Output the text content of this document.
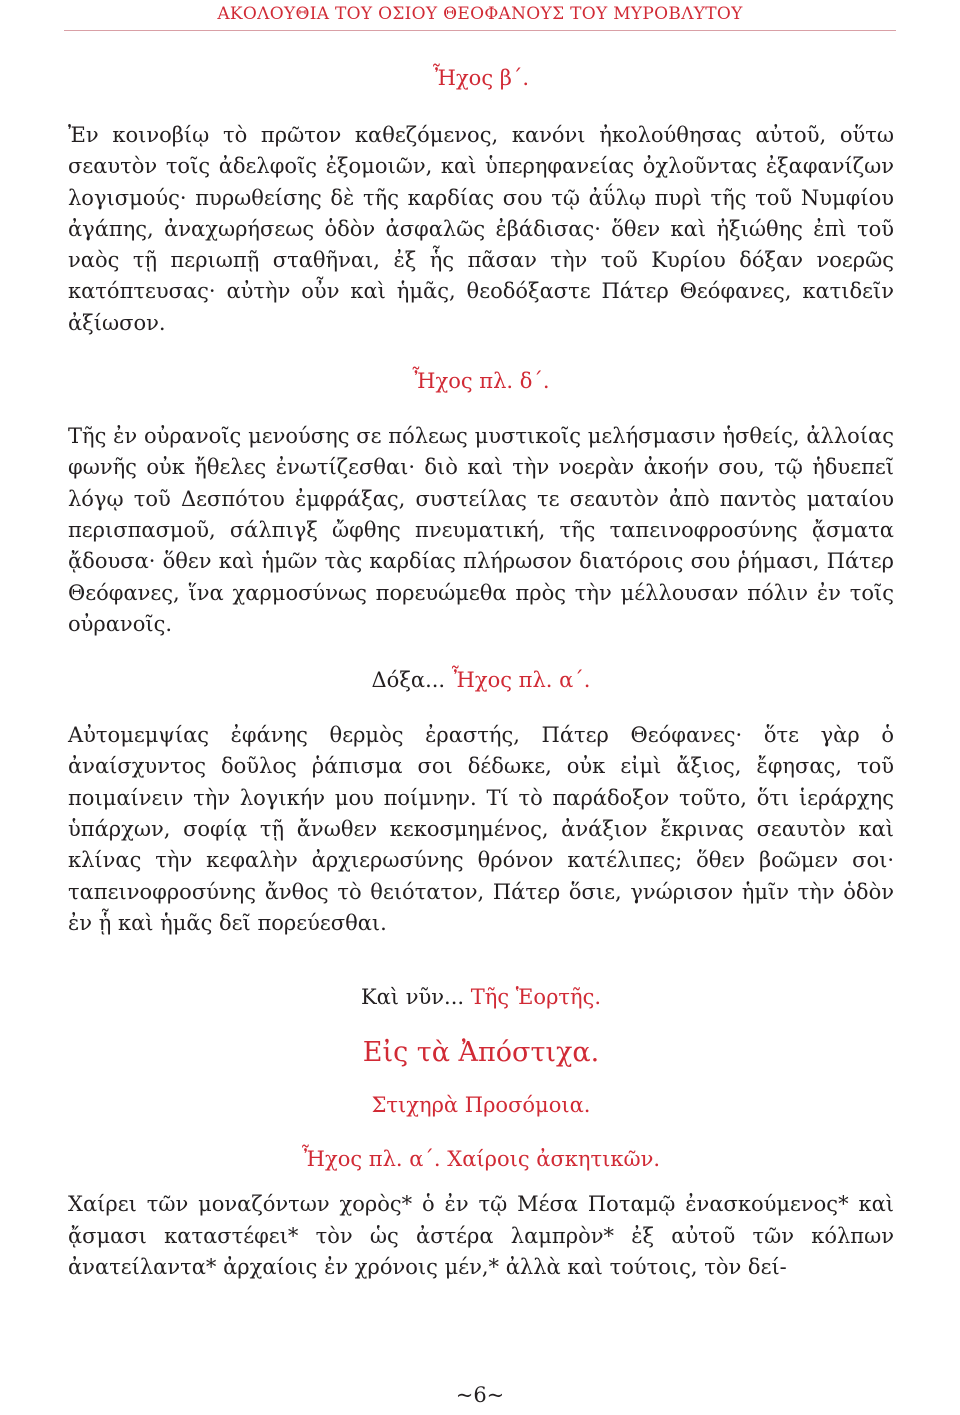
ΑΚΟΛΟΥΘΙΑ ΤΟΥ ΟΣΙΟΥ ΘΕΟΦΑΝΟΥΣ ΤΟΥ ΜΥΡΟΒΛΥΤΟΥ
Ἦχος β΄.

Ἐν κοινοβίῳ τὸ πρῶτον καθεζόμενος, κανόνι ἠκολούθησας αὐτοῦ, οὕτω σεαυτὸν τοῖς ἀδελφοῖς ἐξομοιῶν, καὶ ὑπερηφανείας ὀχλοῦντας ἐξαφανίζων λογισμούς· πυρωθείσης δὲ τῆς καρδίας σου τῷ ἀΰλῳ πυρὶ τῆς τοῦ Νυμφίου ἀγάπης, ἀναχωρήσεως ὁδὸν ἀσφαλῶς ἐβάδισας· ὅθεν καὶ ἠξιώθης ἐπὶ τοῦ ναὸς τῇ περιωπῇ σταθῆναι, ἐξ ἧς πᾶσαν τὴν τοῦ Κυρίου δόξαν νοερῶς κατόπτευσας· αὐτὴν οὖν καὶ ἡμᾶς, θεοδόξαστε Πάτερ Θεόφανες, κατιδεῖν ἀξίωσον.

Ἦχος πλ. δ΄.

Τῆς ἐν οὐρανοῖς μενούσης σε πόλεως μυστικοῖς μελήσμασιν ἡσθείς, ἀλλοίας φωνῆς οὐκ ἤθελες ἐνωτίζεσθαι· διὸ καὶ τὴν νοερὰν ἀκοήν σου, τῷ ἡδυεπεῖ λόγῳ τοῦ Δεσπότου ἐμφράξας, συστείλας τε σεαυτὸν ἀπὸ παντὸς ματαίου περισπασμοῦ, σάλπιγξ ὤφθης πνευματική, τῆς ταπεινοφροσύνης ᾄσματα ᾄδουσα· ὅθεν καὶ ἡμῶν τὰς καρδίας πλήρωσον διατόροις σου ῥήμασι, Πάτερ Θεόφανες, ἵνα χαρμοσύνως πορευώμεθα πρὸς τὴν μέλλουσαν πόλιν ἐν τοῖς οὐρανοῖς.

Δόξα... Ἦχος πλ. α΄.

Αὐτομεμψίας ἐφάνης θερμὸς ἐραστής, Πάτερ Θεόφανες· ὅτε γὰρ ὁ ἀναίσχυντος δοῦλος ῥάπισμα σοι δέδωκε, οὐκ εἰμὶ ἄξιος, ἔφησας, τοῦ ποιμαίνειν τὴν λογικήν μου ποίμνην. Τί τὸ παράδοξον τοῦτο, ὅτι ἱεράρχης ὑπάρχων, σοφίᾳ τῇ ἄνωθεν κεκοσμημένος, ἀνάξιον ἔκρινας σεαυτὸν καὶ κλίνας τὴν κεφαλὴν ἀρχιερωσύνης θρόνον κατέλιπες; ὅθεν βοῶμεν σοι· ταπεινοφροσύνης ἄνθος τὸ θειότατον, Πάτερ ὅσιε, γνώρισον ἡμῖν τὴν ὁδὸν ἐν ᾗ καὶ ἡμᾶς δεῖ πορεύεσθαι.

Καὶ νῦν... Τῆς Ἑορτῆς.
Εἰς τὰ Ἀπόστιχα.
Στιχηρὰ Προσόμοια.
Ἦχος πλ. α΄. Χαίροις ἀσκητικῶν.

Χαίρει τῶν μοναζόντων χορὸς* ὁ ἐν τῷ Μέσα Ποταμῷ ἐνασκούμενος* καὶ ᾄσμασι καταστέφει* τὸν ὡς ἀστέρα λαμπρὸν* ἐξ αὐτοῦ τῶν κόλπων ἀνατείλαντα* ἀρχαίοις ἐν χρόνοις μέν,* ἀλλὰ καὶ τούτοις, τὸν δεί-

~6~
